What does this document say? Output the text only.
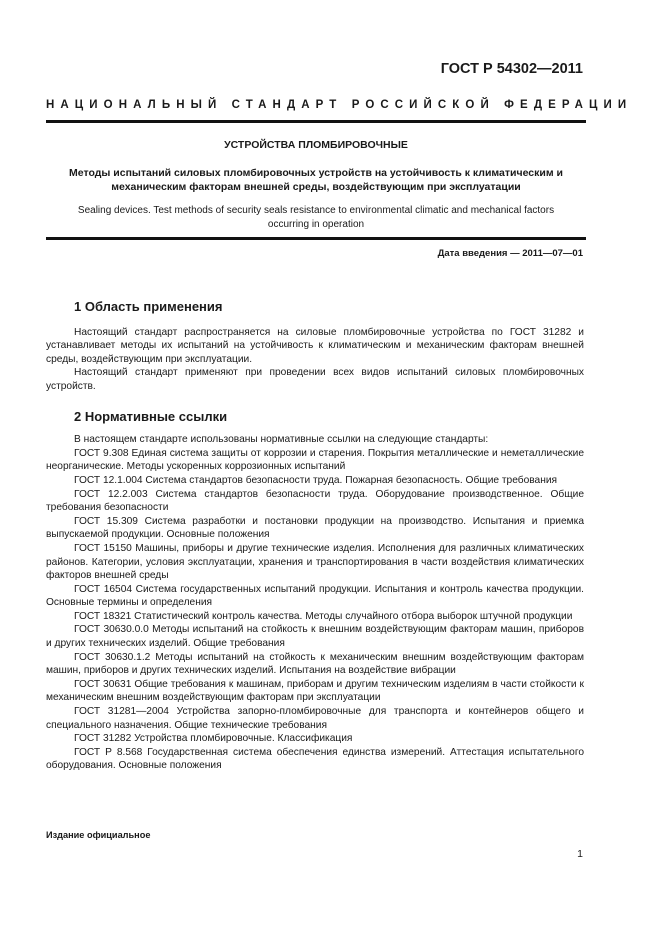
ГОСТ Р 54302—2011
НАЦИОНАЛЬНЫЙ СТАНДАРТ РОССИЙСКОЙ ФЕДЕРАЦИИ
УСТРОЙСТВА ПЛОМБИРОВОЧНЫЕ
Методы испытаний силовых пломбировочных устройств на устойчивость к климатическим и механическим факторам внешней среды, воздействующим при эксплуатации
Sealing devices. Test methods of security seals resistance to environmental climatic and mechanical factors occurring in operation
Дата введения — 2011—07—01
1 Область применения

Настоящий стандарт распространяется на силовые пломбировочные устройства по ГОСТ 31282 и устанавливает методы их испытаний на устойчивость к климатическим и механическим факторам внешней среды, воздействующим при эксплуатации.

Настоящий стандарт применяют при проведении всех видов испытаний силовых пломбировочных устройств.

2 Нормативные ссылки

В настоящем стандарте использованы нормативные ссылки на следующие стандарты:

ГОСТ 9.308 Единая система защиты от коррозии и старения. Покрытия металлические и неметаллические неорганические. Методы ускоренных коррозионных испытаний

ГОСТ 12.1.004 Система стандартов безопасности труда. Пожарная безопасность. Общие требования

ГОСТ 12.2.003 Система стандартов безопасности труда. Оборудование производственное. Общие требования безопасности

ГОСТ 15.309 Система разработки и постановки продукции на производство. Испытания и приемка выпускаемой продукции. Основные положения

ГОСТ 15150 Машины, приборы и другие технические изделия. Исполнения для различных климатических районов. Категории, условия эксплуатации, хранения и транспортирования в части воздействия климатических факторов внешней среды

ГОСТ 16504 Система государственных испытаний продукции. Испытания и контроль качества продукции. Основные термины и определения

ГОСТ 18321 Статистический контроль качества. Методы случайного отбора выборок штучной продукции

ГОСТ 30630.0.0 Методы испытаний на стойкость к внешним воздействующим факторам машин, приборов и других технических изделий. Общие требования

ГОСТ 30630.1.2 Методы испытаний на стойкость к механическим внешним воздействующим факторам машин, приборов и других технических изделий. Испытания на воздействие вибрации

ГОСТ 30631 Общие требования к машинам, приборам и другим техническим изделиям в части стойкости к механическим внешним воздействующим факторам при эксплуатации

ГОСТ 31281—2004 Устройства запорно-пломбировочные для транспорта и контейнеров общего и специального назначения. Общие технические требования

ГОСТ 31282 Устройства пломбировочные. Классификация

ГОСТ Р 8.568 Государственная система обеспечения единства измерений. Аттестация испытательного оборудования. Основные положения

Издание официальное
1
